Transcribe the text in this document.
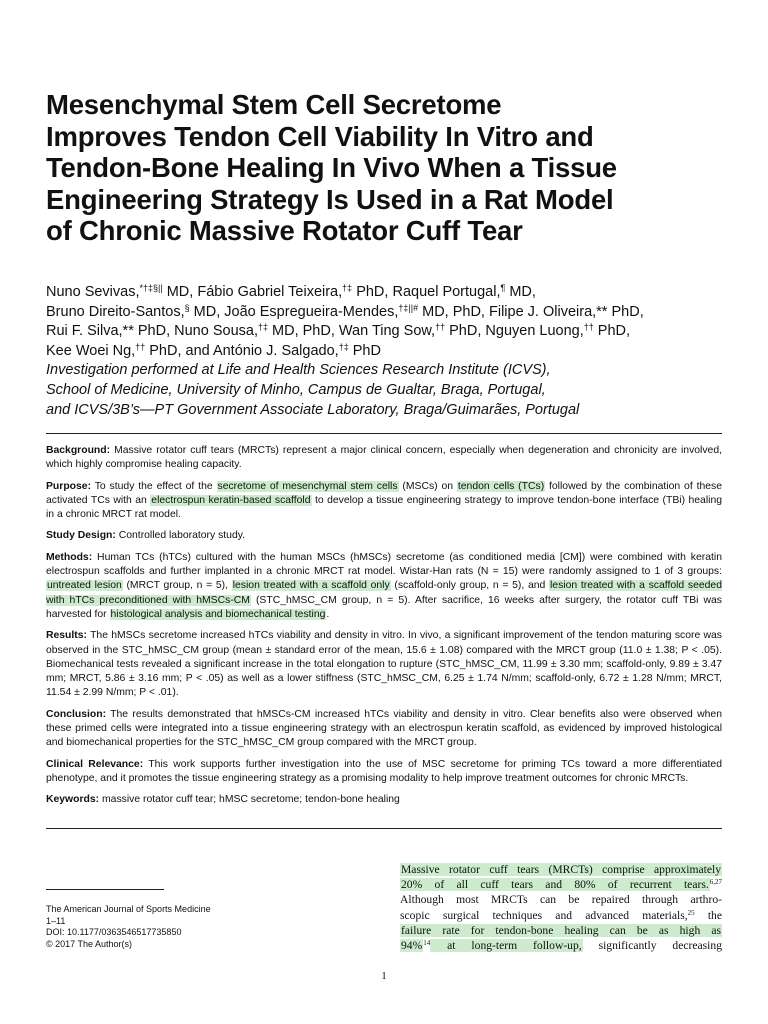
Mesenchymal Stem Cell Secretome
Improves Tendon Cell Viability In Vitro and
Tendon-Bone Healing In Vivo When a Tissue
Engineering Strategy Is Used in a Rat Model
of Chronic Massive Rotator Cuff Tear
Nuno Sevivas,*†‡§|| MD, Fábio Gabriel Teixeira,†‡ PhD, Raquel Portugal,¶ MD,
Bruno Direito-Santos,§ MD, João Espregueira-Mendes,†‡||# MD, PhD, Filipe J. Oliveira,** PhD,
Rui F. Silva,** PhD, Nuno Sousa,†‡ MD, PhD, Wan Ting Sow,†† PhD, Nguyen Luong,†† PhD,
Kee Woei Ng,†† PhD, and António J. Salgado,†‡ PhD
Investigation performed at Life and Health Sciences Research Institute (ICVS),
School of Medicine, University of Minho, Campus de Gualtar, Braga, Portugal,
and ICVS/3B’s—PT Government Associate Laboratory, Braga/Guimarães, Portugal

Background: Massive rotator cuff tears (MRCTs) represent a major clinical concern, especially when degeneration and chronicity are involved, which highly compromise healing capacity.

Purpose: To study the effect of the secretome of mesenchymal stem cells (MSCs) on tendon cells (TCs) followed by the combination of these activated TCs with an electrospun keratin-based scaffold to develop a tissue engineering strategy to improve tendon-bone interface (TBi) healing in a chronic MRCT rat model.

Study Design: Controlled laboratory study.

Methods: Human TCs (hTCs) cultured with the human MSCs (hMSCs) secretome (as conditioned media [CM]) were combined with keratin electrospun scaffolds and further implanted in a chronic MRCT rat model. Wistar-Han rats (N = 15) were randomly assigned to 1 of 3 groups: untreated lesion (MRCT group, n = 5), lesion treated with a scaffold only (scaffold-only group, n = 5), and lesion treated with a scaffold seeded with hTCs preconditioned with hMSCs-CM (STC_hMSC_CM group, n = 5). After sacrifice, 16 weeks after surgery, the rotator cuff TBi was harvested for histological analysis and biomechanical testing.

Results: The hMSCs secretome increased hTCs viability and density in vitro. In vivo, a significant improvement of the tendon maturing score was observed in the STC_hMSC_CM group (mean ± standard error of the mean, 15.6 ± 1.08) compared with the MRCT group (11.0 ± 1.38; P < .05). Biomechanical tests revealed a significant increase in the total elongation to rupture (STC_hMSC_CM, 11.99 ± 3.30 mm; scaffold-only, 9.89 ± 3.47 mm; MRCT, 5.86 ± 3.16 mm; P < .05) as well as a lower stiffness (STC_hMSC_CM, 6.25 ± 1.74 N/mm; scaffold-only, 6.72 ± 1.28 N/mm; MRCT, 11.54 ± 2.99 N/mm; P < .01).

Conclusion: The results demonstrated that hMSCs-CM increased hTCs viability and density in vitro. Clear benefits also were observed when these primed cells were integrated into a tissue engineering strategy with an electrospun keratin scaffold, as evidenced by improved histological and biomechanical properties for the STC_hMSC_CM group compared with the MRCT group.

Clinical Relevance: This work supports further investigation into the use of MSC secretome for priming TCs toward a more differentiated phenotype, and it promotes the tissue engineering strategy as a promising modality to help improve treatment outcomes for chronic MRCTs.

Keywords: massive rotator cuff tear; hMSC secretome; tendon-bone healing

The American Journal of Sports Medicine
1–11
DOI: 10.1177/0363546517735850
© 2017 The Author(s)
Massive rotator cuff tears (MRCTs) comprise approximately
20% of all cuff tears and 80% of recurrent tears.$^{6,27}$
Although most MRCTs can be repaired through arthro-
scopic surgical techniques and advanced materials,$^{25}$ the
failure rate for tendon-bone healing can be as high as
94%$^{14}$ at long-term follow-up, significantly decreasing
1
